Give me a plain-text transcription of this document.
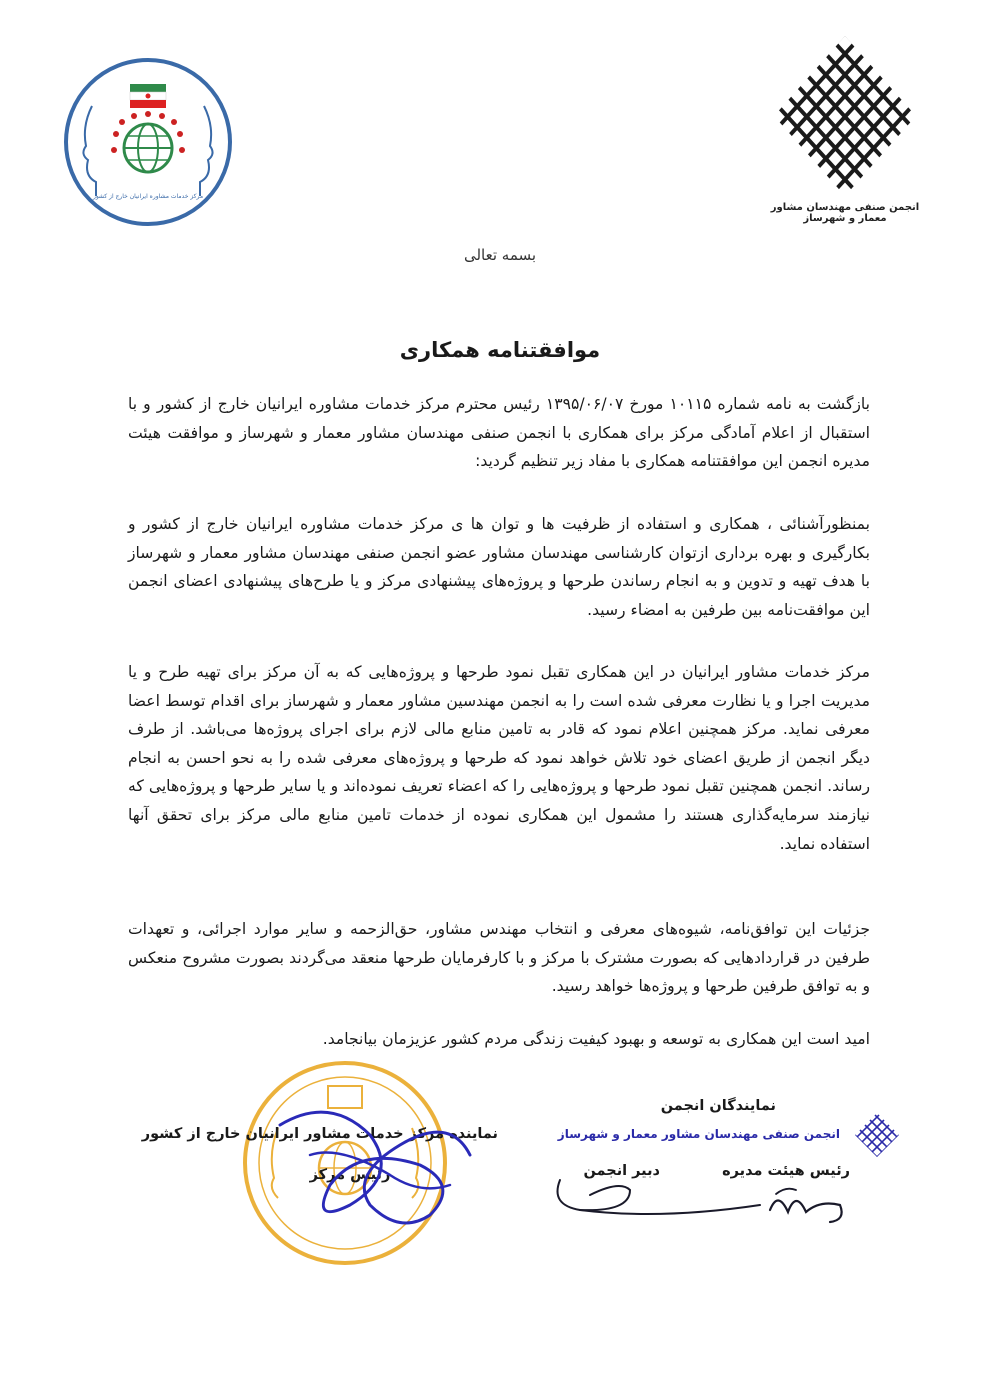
مرکز خدمات مشاوره ایرانیان خارج از کشور
انجمن صنفی مهندسان مشاور معمار و شهرساز
بسمه تعالی
موافقتنامه همکاری
بازگشت به نامه شماره ۱۰۱۱۵ مورخ ۱۳۹۵/۰۶/۰۷ رئیس محترم مرکز خدمات مشاوره ایرانیان خارج از کشور و با استقبال از اعلام آمادگی مرکز برای همکاری با انجمن صنفی مهندسان مشاور معمار و شهرساز و موافقت هیئت مدیره انجمن این موافقتنامه همکاری با مفاد زیر تنظیم گردید:
بمنظورآشنائی ، همکاری و استفاده از ظرفیت ها و توان ها ی مرکز خدمات مشاوره ایرانیان خارج از کشور و بکارگیری و بهره برداری ازتوان کارشناسی مهندسان مشاور عضو انجمن صنفی مهندسان مشاور معمار و شهرساز با هدف تهیه و تدوین و به انجام رساندن طرحها و پروژه‌های پیشنهادی مرکز و یا طرح‌های پیشنهادی اعضای انجمن این موافقت‌نامه بین طرفین به امضاء رسید.
مرکز خدمات مشاور ایرانیان در این همکاری تقبل نمود طرحها و پروژه‌هایی که به آن مرکز برای تهیه طرح و یا مدیریت اجرا و یا نظارت معرفی شده است را به انجمن مهندسین مشاور معمار و شهرساز برای اقدام توسط اعضا معرفی نماید. مرکز همچنین اعلام نمود که قادر به تامین منابع مالی لازم برای اجرای پروژه‌ها می‌باشد. از طرف دیگر انجمن از طریق اعضای خود تلاش خواهد نمود که طرحها و پروژه‌های معرفی شده را به نحو احسن به انجام رساند. انجمن همچنین تقبل نمود طرحها و پروژه‌هایی را که اعضاء تعریف نموده‌اند و یا سایر طرحها و پروژه‌هایی که نیازمند سرمایه‌گذاری هستند را مشمول این همکاری نموده از خدمات تامین منابع مالی مرکز برای تحقق آنها استفاده نماید.
جزئیات این توافق‌نامه، شیوه‌های معرفی و انتخاب مهندس مشاور، حق‌الزحمه و سایر موارد اجرائی، و تعهدات طرفین در قراردادهایی که بصورت مشترک با مرکز و با کارفرمایان طرحها منعقد می‌گردند بصورت مشروح منعکس و به توافق طرفین طرحها و پروژه‌ها خواهد رسید.
امید است این همکاری به توسعه و بهبود کیفیت زندگی مردم کشور عزیزمان بیانجامد.
نمایندگان انجمن
انجمن صنفی مهندسان مشاور معمار و شهرساز
رئیس هیئت مدیره
دبیر انجمن
نماینده مرکز خدمات مشاور ایرانیان خارج از کشور
رئیس مرکز
